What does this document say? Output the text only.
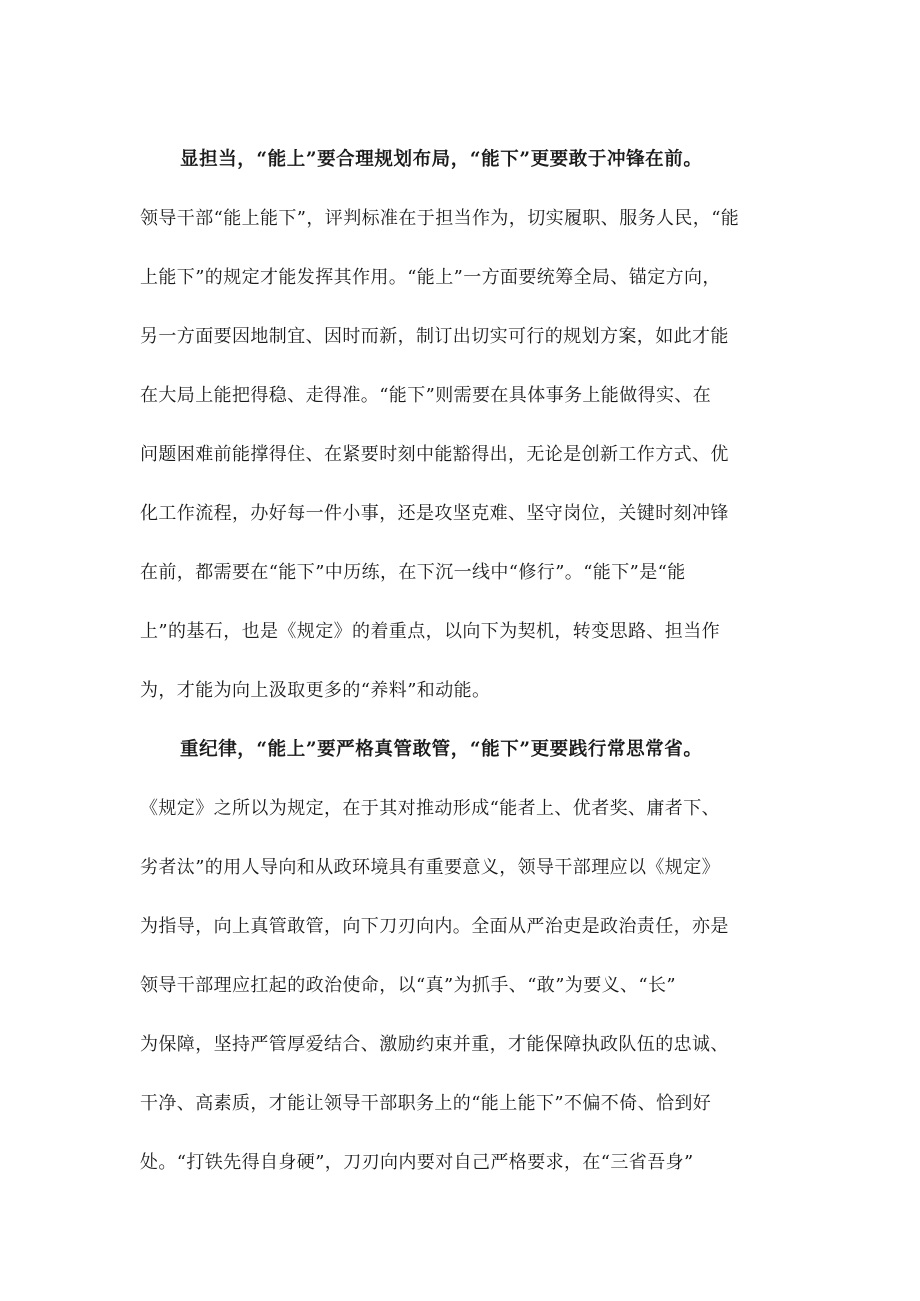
显担当，“能上”要合理规划布局，“能下”更要敢于冲锋在前。
领导干部“能上能下”，评判标准在于担当作为，切实履职、服务人民，“能
上能下”的规定才能发挥其作用。“能上”一方面要统筹全局、锚定方向，
另一方面要因地制宜、因时而新，制订出切实可行的规划方案，如此才能
在大局上能把得稳、走得准。“能下”则需要在具体事务上能做得实、在
问题困难前能撑得住、在紧要时刻中能豁得出，无论是创新工作方式、优
化工作流程，办好每一件小事，还是攻坚克难、坚守岗位，关键时刻冲锋
在前，都需要在“能下”中历练，在下沉一线中“修行”。“能下”是“能
上”的基石，也是《规定》的着重点，以向下为契机，转变思路、担当作
为，才能为向上汲取更多的“养料”和动能。
重纪律，“能上”要严格真管敢管，“能下”更要践行常思常省。
《规定》之所以为规定，在于其对推动形成“能者上、优者奖、庸者下、
劣者汰”的用人导向和从政环境具有重要意义，领导干部理应以《规定》
为指导，向上真管敢管，向下刀刃向内。全面从严治吏是政治责任，亦是
领导干部理应扛起的政治使命，以“真”为抓手、“敢”为要义、“长”
为保障，坚持严管厚爱结合、激励约束并重，才能保障执政队伍的忠诚、
干净、高素质，才能让领导干部职务上的“能上能下”不偏不倚、恰到好
处。“打铁先得自身硬”，刀刃向内要对自己严格要求，在“三省吾身”
